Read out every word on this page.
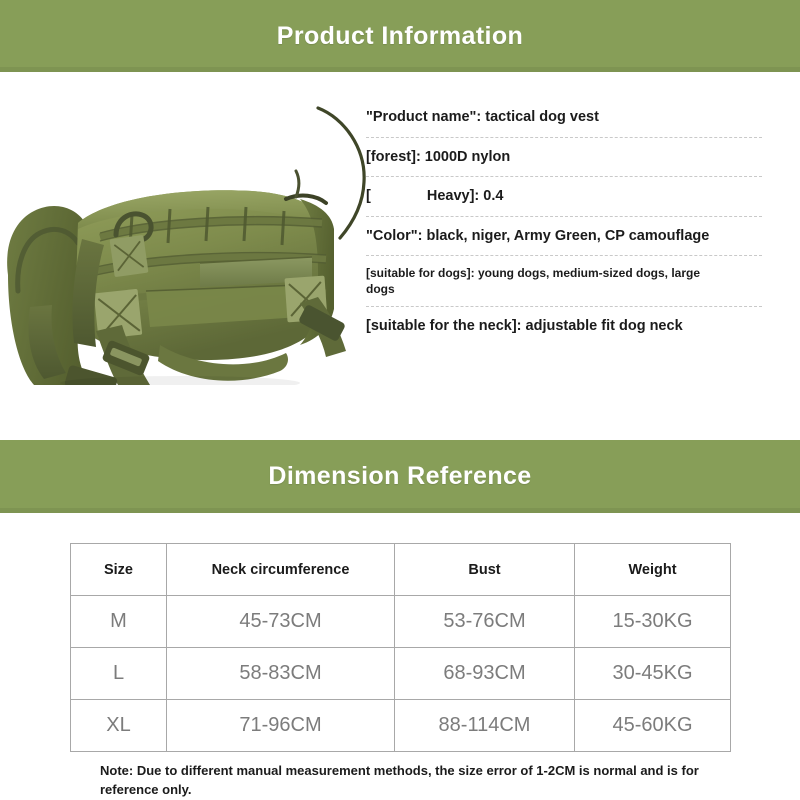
Product Information
"Product name": tactical dog vest
[forest]: 1000D nylon
[	Heavy]: 0.4
"Color": black, niger, Army Green, CP camouflage
[suitable for dogs]: young dogs, medium-sized dogs, large dogs
[suitable for the neck]: adjustable fit dog neck
Dimension Reference
Size	Neck circumference	Bust	Weight
M	45-73CM	53-76CM	15-30KG
L	58-83CM	68-93CM	30-45KG
XL	71-96CM	88-114CM	45-60KG
Note: Due to different manual measurement methods, the size error of 1-2CM is normal and is for reference only.
